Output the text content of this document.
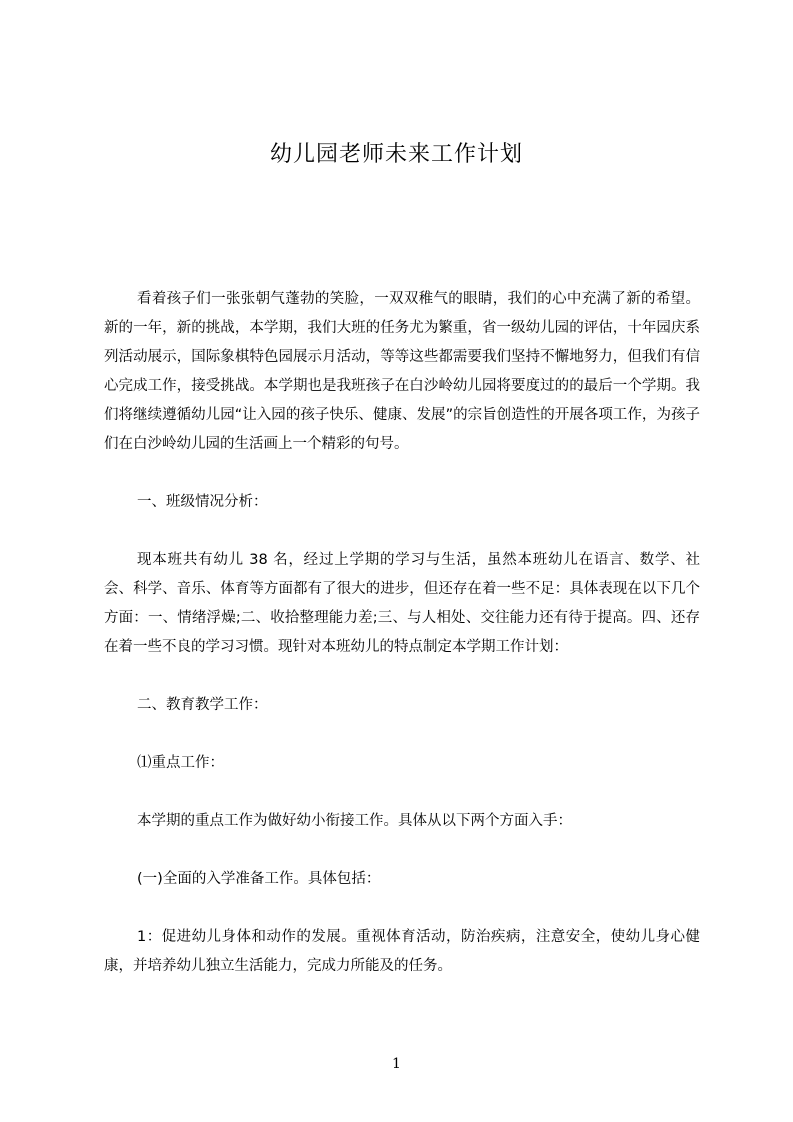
幼儿园老师未来工作计划

看着孩子们一张张朝气蓬勃的笑脸，一双双稚气的眼睛，我们的心中充满了新的希望。新的一年，新的挑战，本学期，我们大班的任务尤为繁重，省一级幼儿园的评估，十年园庆系列活动展示，国际象棋特色园展示月活动，等等这些都需要我们坚持不懈地努力，但我们有信心完成工作，接受挑战。本学期也是我班孩子在白沙岭幼儿园将要度过的的最后一个学期。我们将继续遵循幼儿园“让入园的孩子快乐、健康、发展”的宗旨创造性的开展各项工作，为孩子们在白沙岭幼儿园的生活画上一个精彩的句号。

一、班级情况分析：

现本班共有幼儿 38 名，经过上学期的学习与生活，虽然本班幼儿在语言、数学、社会、科学、音乐、体育等方面都有了很大的进步，但还存在着一些不足：具体表现在以下几个方面：一、情绪浮燥;二、收拾整理能力差;三、与人相处、交往能力还有待于提高。四、还存在着一些不良的学习习惯。现针对本班幼儿的特点制定本学期工作计划：

二、教育教学工作：

⑴重点工作：

本学期的重点工作为做好幼小衔接工作。具体从以下两个方面入手：

(一)全面的入学准备工作。具体包括：

1：促进幼儿身体和动作的发展。重视体育活动，防治疾病，注意安全，使幼儿身心健康，并培养幼儿独立生活能力，完成力所能及的任务。

1
